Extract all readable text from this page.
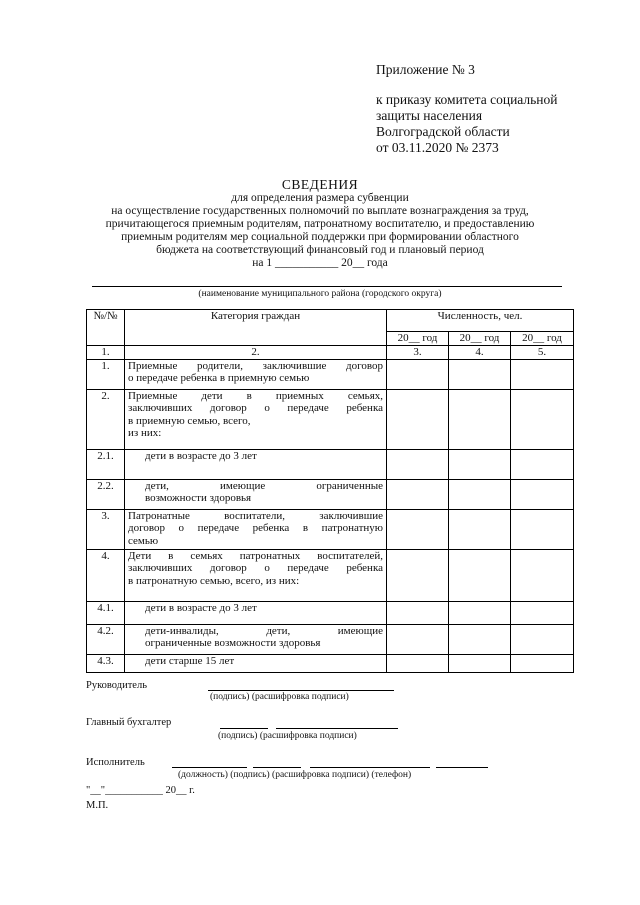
Приложение № 3
к приказу комитета социальной
защиты населения
Волгоградской области
от 03.11.2020 № 2373
СВЕДЕНИЯ
для определения размера субвенции
на осуществление государственных полномочий по выплате вознаграждения за труд,
причитающегося приемным родителям, патронатному воспитателю, и предоставлению
приемным родителям мер социальной поддержки при формировании областного
бюджета на соответствующий финансовый год и плановый период
на 1 ___________ 20__ года
(наименование муниципального района (городского округа)
№/№	Категория граждан	Численность, чел.		
		20__ год	20__ год	20__ год
1.	2.	3.	4.	5.
1.	Приемные родители, заключившие договор
о передаче ребенка в приемную семью			

2.	Приемные дети в приемных семьях,
заключивших договор о передаче ребенка
в приемную семью, всего,
из них:			

2.1.	дети в возрасте до 3 лет			

2.2.	дети, имеющие ограниченные
возможности здоровья			

3.	Патронатные воспитатели, заключившие
договор о передаче ребенка в патронатную
семью			

4.	Дети в семьях патронатных воспитателей,
заключивших договор о передаче ребенка
в патронатную семью, всего, из них:			

4.1.	дети в возрасте до 3 лет			

4.2.	дети-инвалиды, дети, имеющие
ограниченные возможности здоровья			

4.3.	дети старше 15 лет			

Руководитель
(подпись) (расшифровка подписи)
Главный бухгалтер
(подпись) (расшифровка подписи)
Исполнитель
(должность) (подпись) (расшифровка подписи) (телефон)
"__"___________ 20__ г.
М.П.
